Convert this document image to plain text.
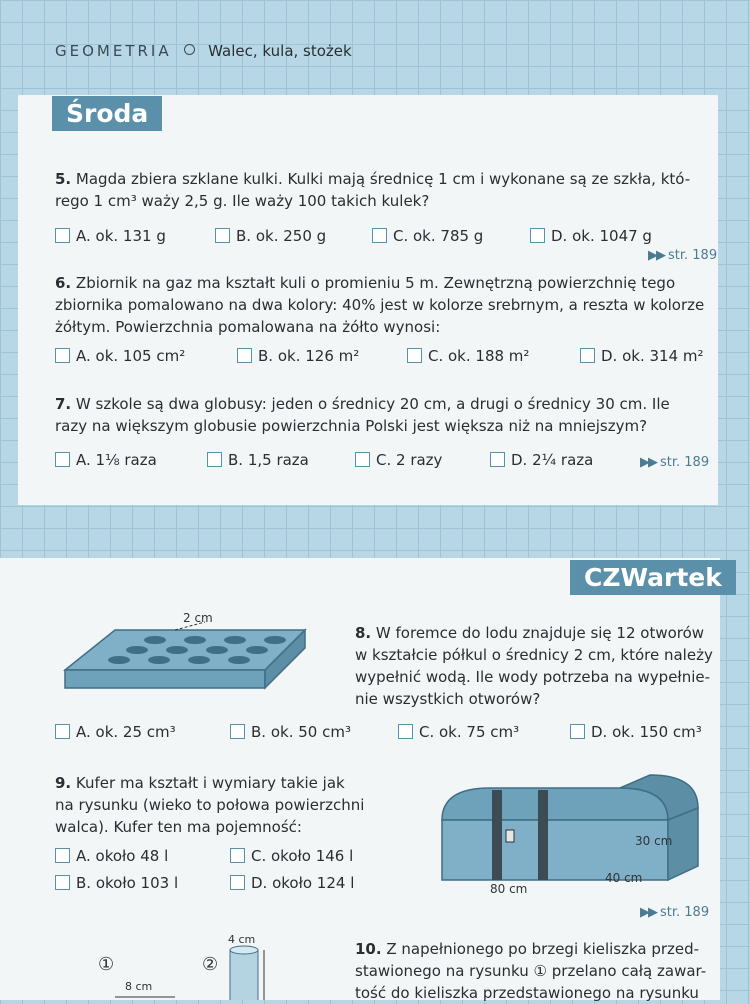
GEOMETRIA Walec, kula, stożek
Środa
5. Magda zbiera szklane kulki. Kulki mają średnicę 1 cm i wykonane są ze szkła, któ-
rego 1 cm³ waży 2,5 g. Ile waży 100 takich kulek?
A. ok. 131 g	B. ok. 250 g	C. ok. 785 g	D. ok. 1047 g
▶▶ str. 189
6. Zbiornik na gaz ma kształt kuli o promieniu 5 m. Zewnętrzną powierzchnię tego
zbiornika pomalowano na dwa kolory: 40% jest w kolorze srebrnym, a reszta w kolorze
żółtym. Powierzchnia pomalowana na żółto wynosi:
A. ok. 105 cm²	B. ok. 126 m²	C. ok. 188 m²	D. ok. 314 m²
7. W szkole są dwa globusy: jeden o średnicy 20 cm, a drugi o średnicy 30 cm. Ile
razy na większym globusie powierzchnia Polski jest większa niż na mniejszym?
A. 1⅛ raza	B. 1,5 raza	C. 2 razy	D. 2¼ raza	▶▶ str. 189
CZWartek
2 cm
8. W foremce do lodu znajduje się 12 otworów
w kształcie półkul o średnicy 2 cm, które należy
wypełnić wodą. Ile wody potrzeba na wypełnie-
nie wszystkich otworów?
A. ok. 25 cm³	B. ok. 50 cm³	C. ok. 75 cm³	D. ok. 150 cm³
9. Kufer ma kształt i wymiary takie jak
na rysunku (wieko to połowa powierzchni
walca). Kufer ten ma pojemność:
A. około 48 l	C. około 146 l
B. około 103 l	D. około 124 l
30 cm
40 cm
80 cm
▶▶ str. 189
①	②
4 cm
8 cm
10. Z napełnionego po brzegi kieliszka przed-
stawionego na rysunku ① przelano całą zawar-
tość do kieliszka przedstawionego na rysunku
